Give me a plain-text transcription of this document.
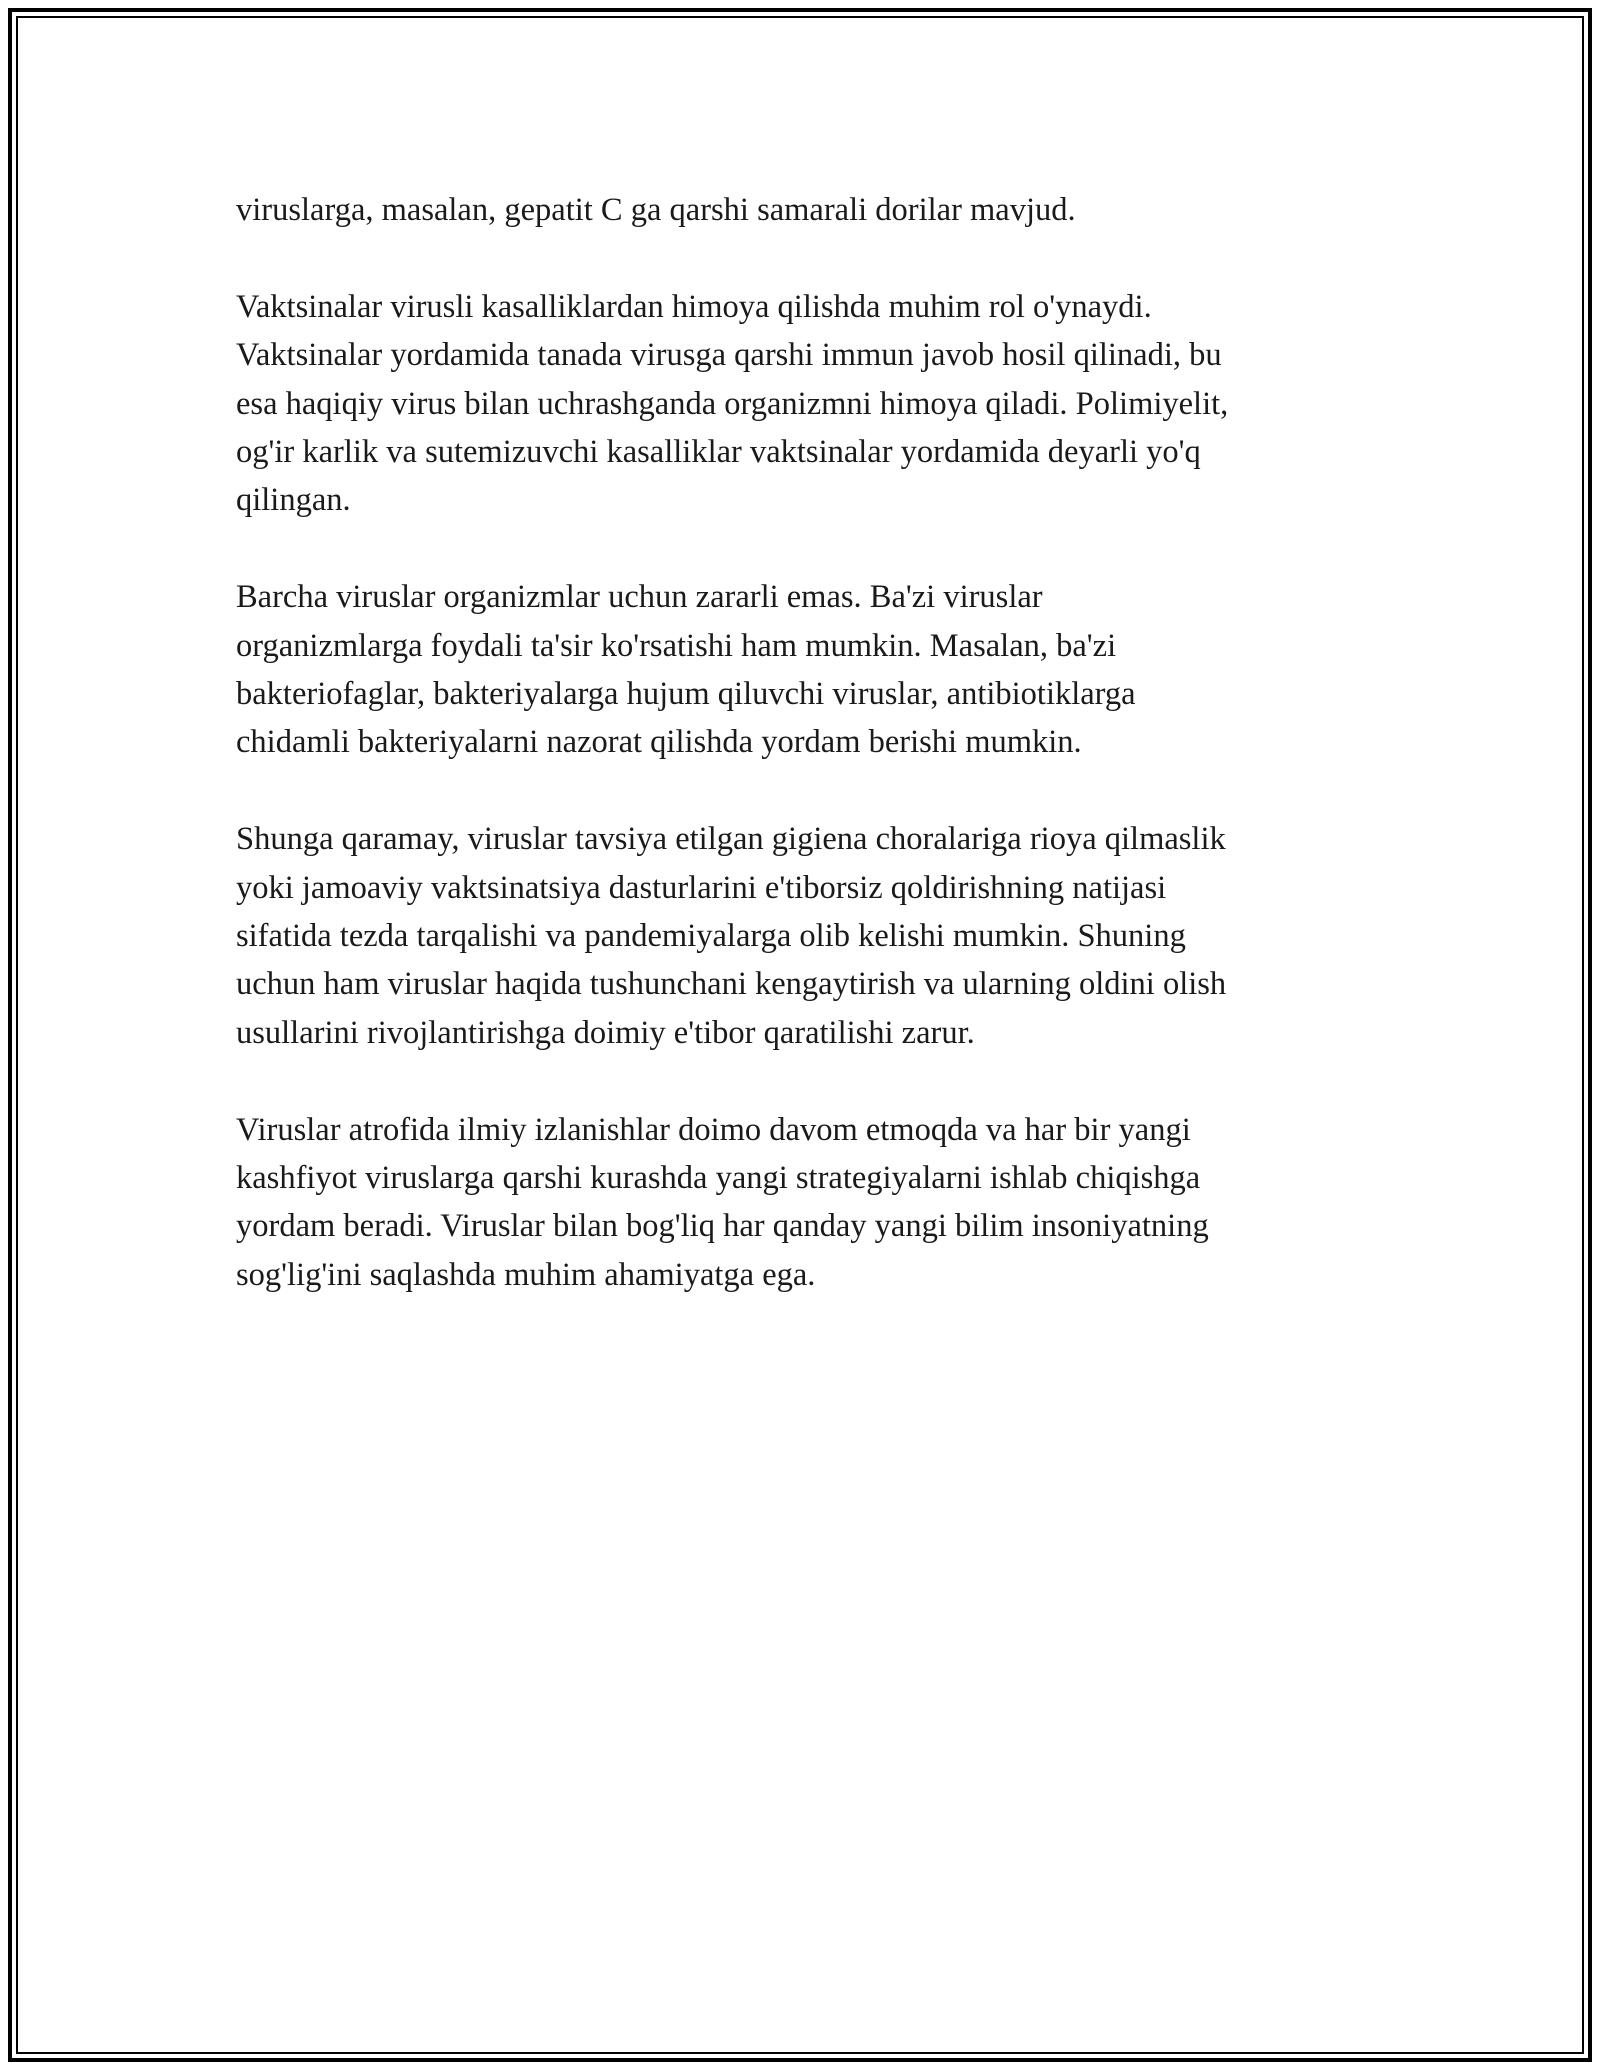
viruslarga, masalan, gepatit C ga qarshi samarali dorilar mavjud.

Vaktsinalar virusli kasalliklardan himoya qilishda muhim rol o'ynaydi.
Vaktsinalar yordamida tanada virusga qarshi immun javob hosil qilinadi, bu
esa haqiqiy virus bilan uchrashganda organizmni himoya qiladi. Polimiyelit,
og'ir karlik va sutemizuvchi kasalliklar vaktsinalar yordamida deyarli yo'q
qilingan.

Barcha viruslar organizmlar uchun zararli emas. Ba'zi viruslar
organizmlarga foydali ta'sir ko'rsatishi ham mumkin. Masalan, ba'zi
bakteriofaglar, bakteriyalarga hujum qiluvchi viruslar, antibiotiklarga
chidamli bakteriyalarni nazorat qilishda yordam berishi mumkin.

Shunga qaramay, viruslar tavsiya etilgan gigiena choralariga rioya qilmaslik
yoki jamoaviy vaktsinatsiya dasturlarini e'tiborsiz qoldirishning natijasi
sifatida tezda tarqalishi va pandemiyalarga olib kelishi mumkin. Shuning
uchun ham viruslar haqida tushunchani kengaytirish va ularning oldini olish
usullarini rivojlantirishga doimiy e'tibor qaratilishi zarur.

Viruslar atrofida ilmiy izlanishlar doimo davom etmoqda va har bir yangi
kashfiyot viruslarga qarshi kurashda yangi strategiyalarni ishlab chiqishga
yordam beradi. Viruslar bilan bog'liq har qanday yangi bilim insoniyatning
sog'lig'ini saqlashda muhim ahamiyatga ega.
